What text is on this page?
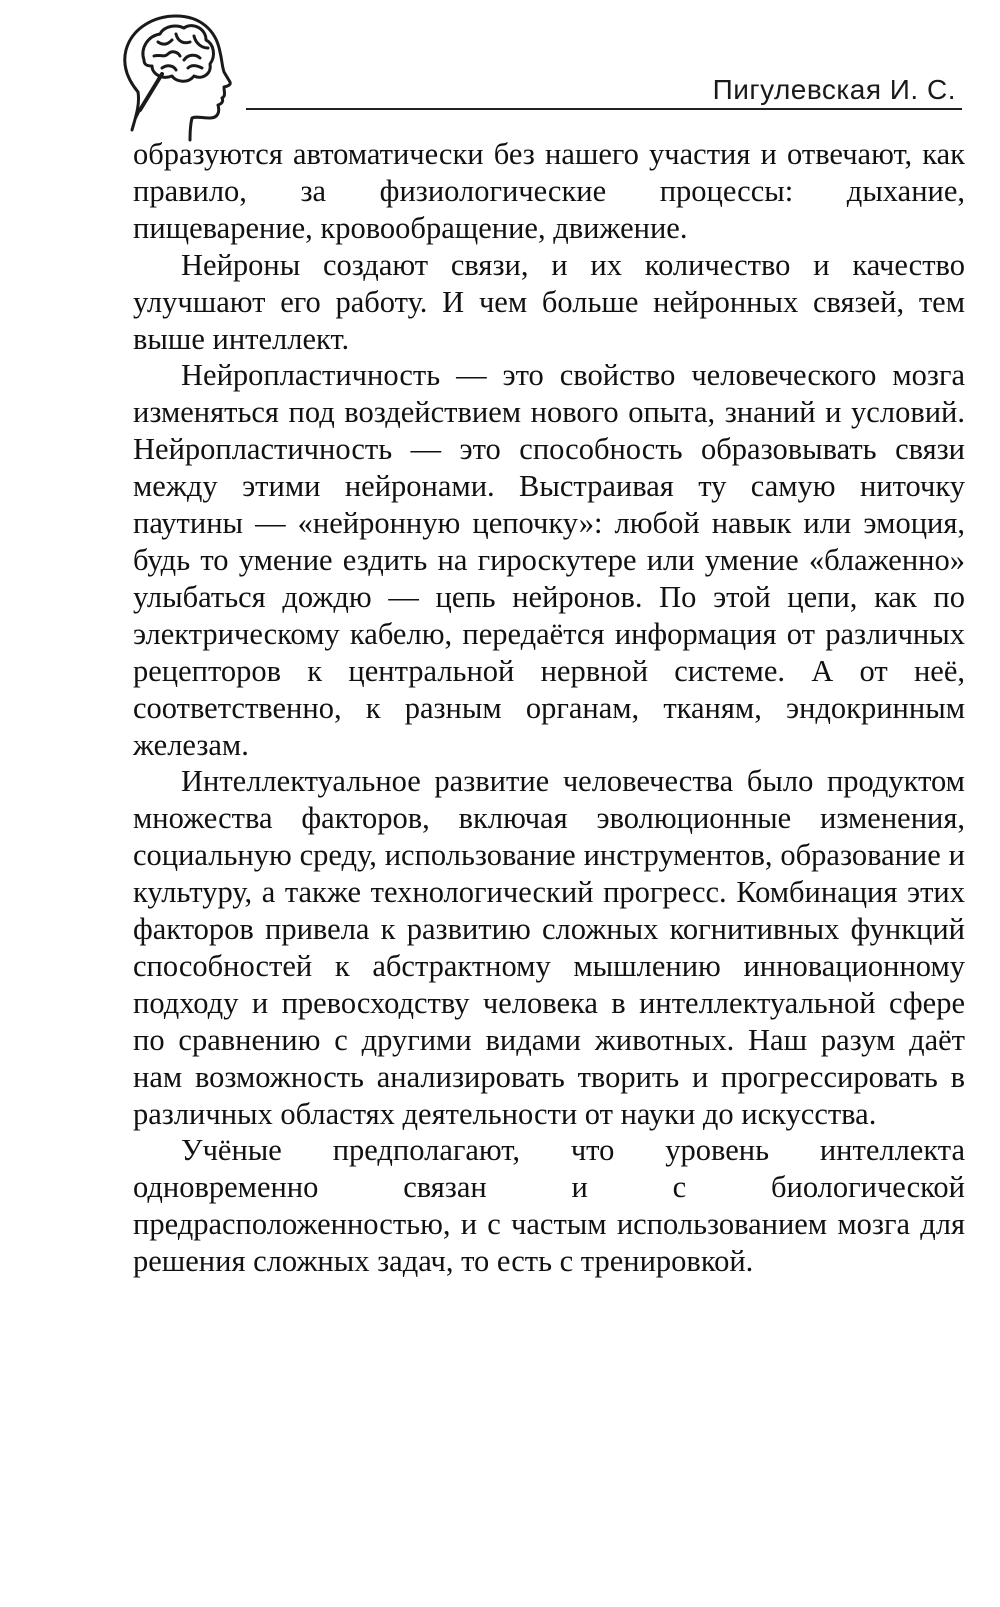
Пигулевская И. С.

образуются автоматически без нашего участия и отвечают, как правило, за физиологические процессы: дыхание, пищеварение, кровообращение, движение.

Нейроны создают связи, и их количество и качество улучшают его работу. И чем больше нейронных связей, тем выше интеллект.

Нейропластичность — это свойство человеческого мозга изменяться под воздействием нового опыта, знаний и условий. Нейропластичность — это способность образовывать связи между этими нейронами. Выстраивая ту самую ниточку паутины — «нейронную цепочку»: любой навык или эмоция, будь то умение ездить на гироскутере или умение «блаженно» улыбаться дождю — цепь нейронов. По этой цепи, как по электрическому кабелю, передаётся информация от различных рецепторов к центральной нервной системе. А от неё, соответственно, к разным органам, тканям, эндокринным железам.

Интеллектуальное развитие человечества было продуктом множества факторов, включая эволюционные изменения, социальную среду, использование инструментов, образование и культуру, а также технологический прогресс. Комбинация этих факторов привела к развитию сложных когнитивных функций способностей к абстрактному мышлению инновационному подходу и превосходству человека в интеллектуальной сфере по сравнению с другими видами животных. Наш разум даёт нам возможность анализировать творить и прогрессировать в различных областях деятельности от науки до искусства.

Учёные предполагают, что уровень интеллекта одновременно связан и с биологической предрасположенностью, и с частым использованием мозга для решения сложных задач, то есть с тренировкой.
